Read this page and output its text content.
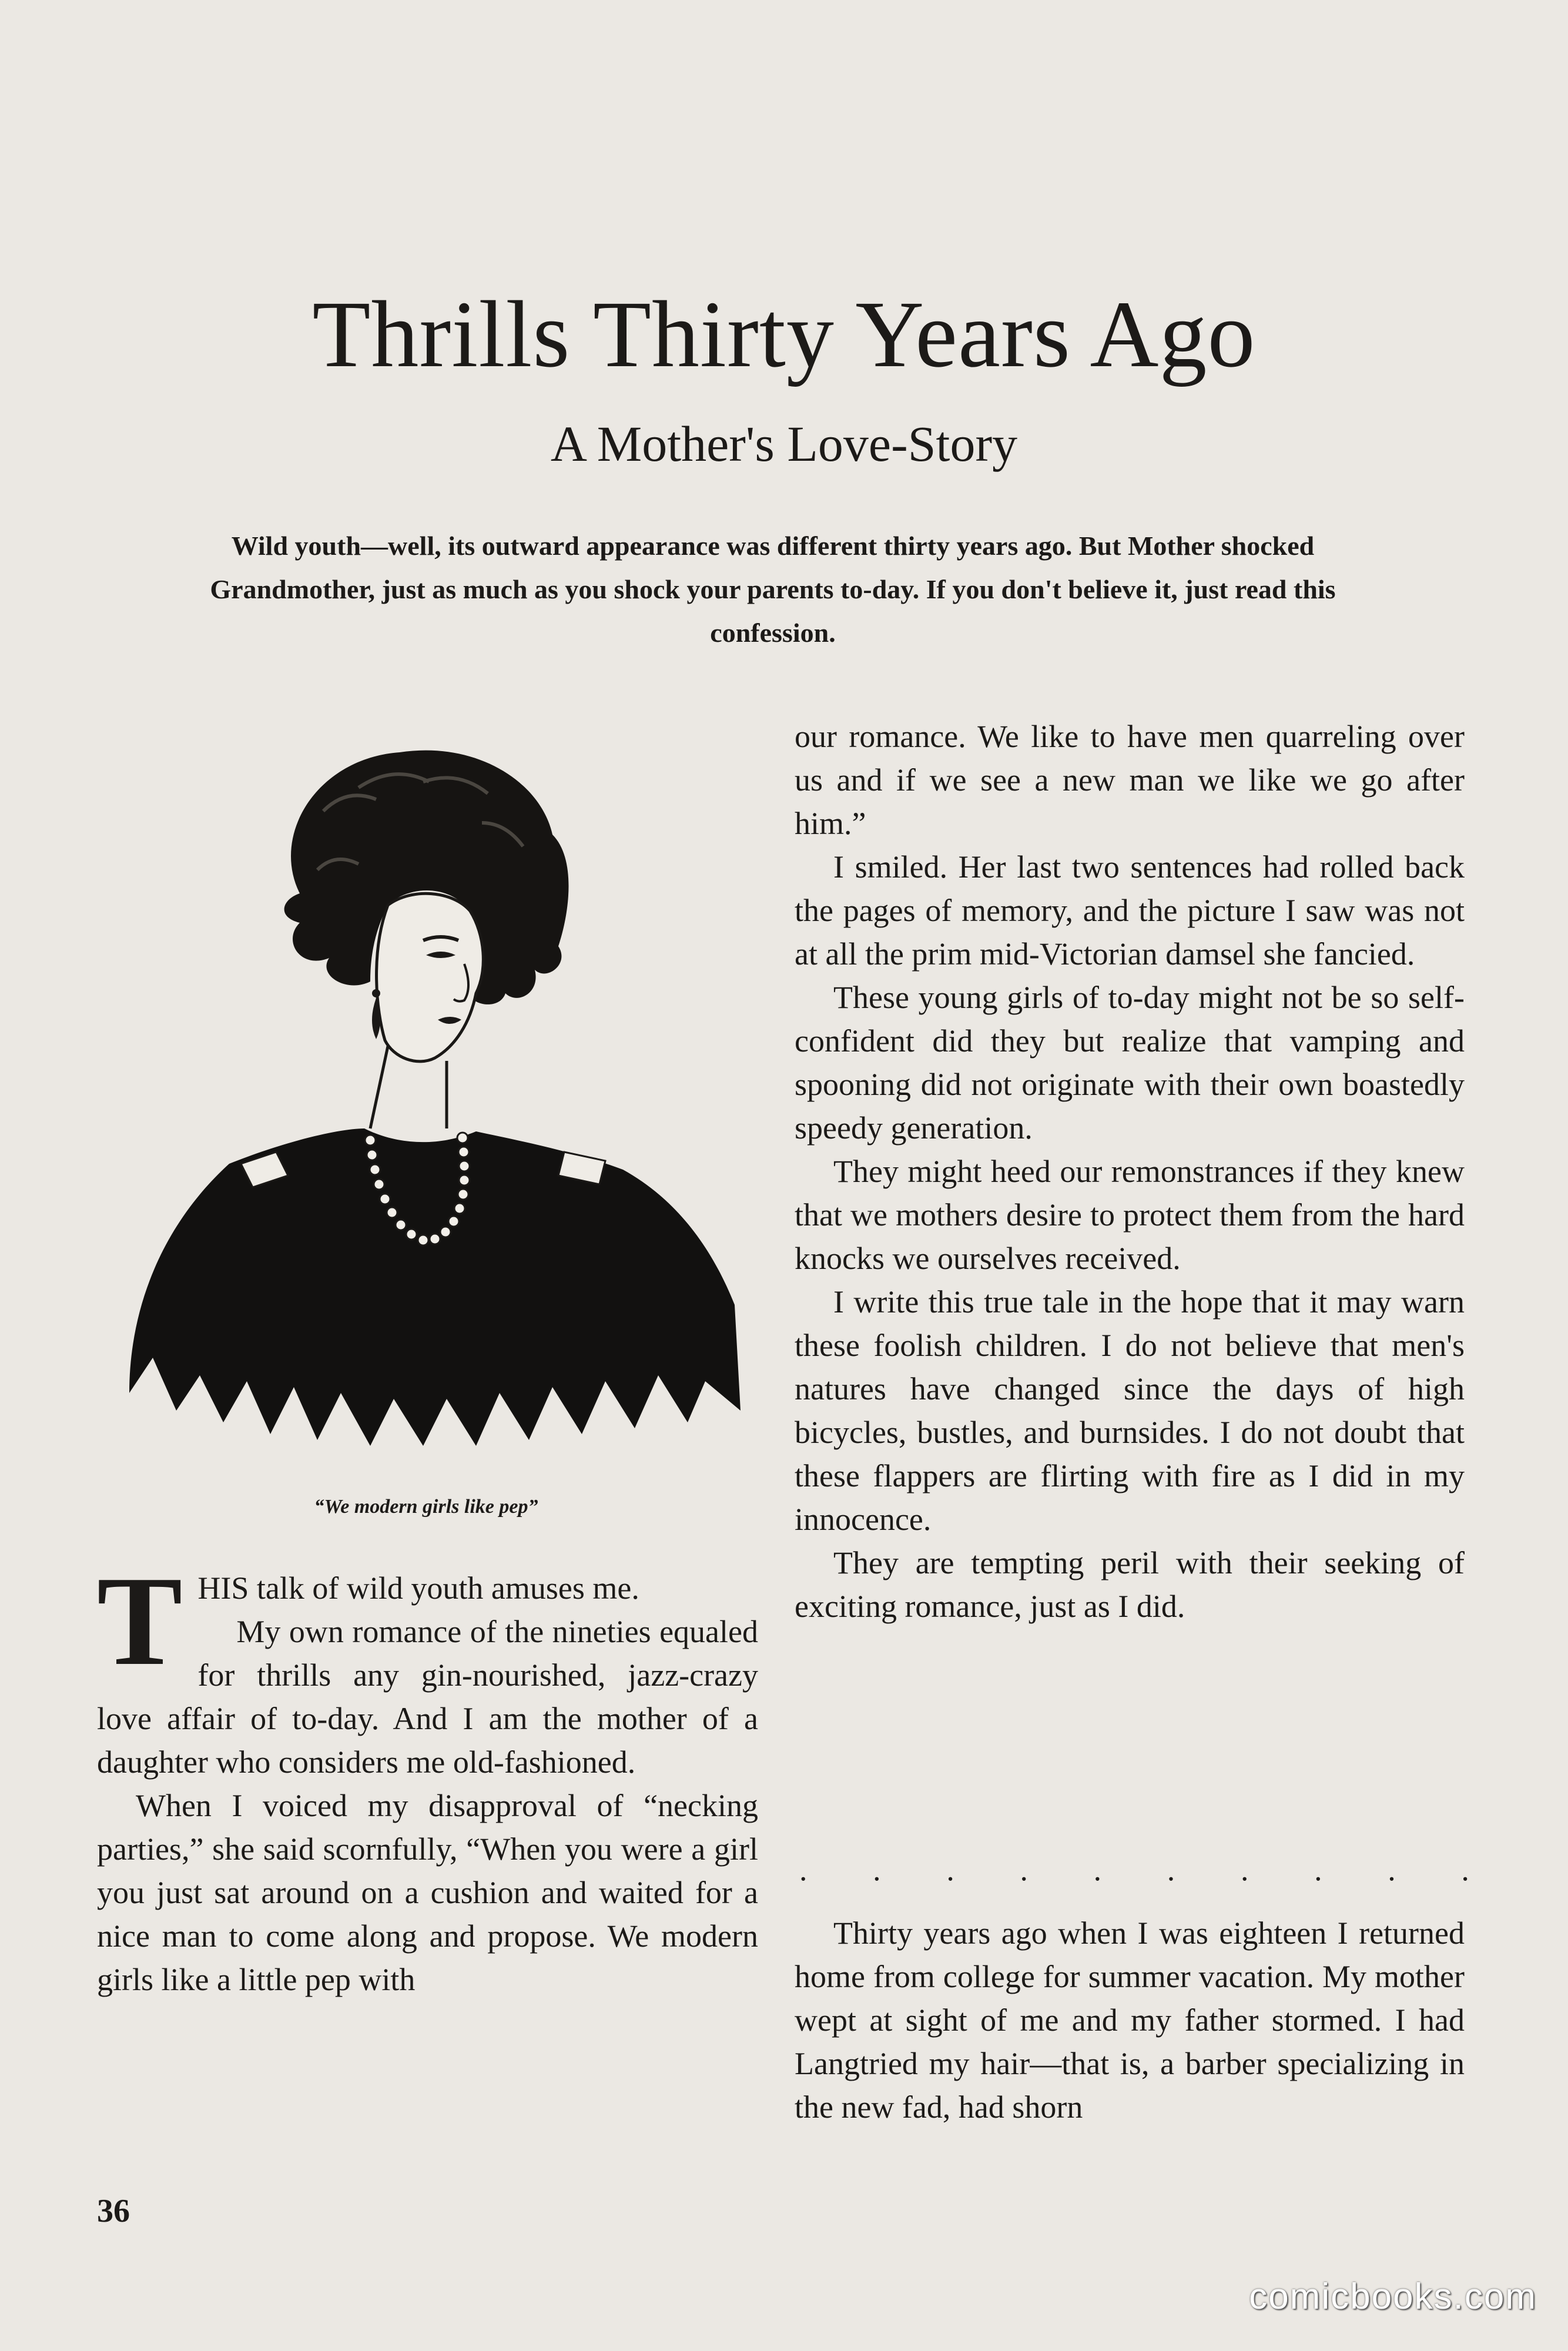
Thrills Thirty Years Ago
A Mother's Love-Story

Wild youth—well, its outward appearance was different thirty years ago. But Mother shocked Grandmother, just as much as you shock your parents to-day. If you don't believe it, just read this confession.

“We modern girls like pep”

THIS talk of wild youth amuses me.

My own romance of the nineties equaled for thrills any gin-nourished, jazz-crazy love affair of to-day. And I am the mother of a daughter who considers me old-fashioned.

When I voiced my disapproval of “necking parties,” she said scornfully, “When you were a girl you just sat around on a cushion and waited for a nice man to come along and propose. We modern girls like a little pep with

our romance. We like to have men quarreling over us and if we see a new man we like we go after him.”

I smiled. Her last two sentences had rolled back the pages of memory, and the picture I saw was not at all the prim mid-Victorian damsel she fancied.

These young girls of to-day might not be so self-confident did they but realize that vamping and spooning did not originate with their own boastedly speedy generation.

They might heed our remonstrances if they knew that we mothers desire to protect them from the hard knocks we ourselves received.

I write this true tale in the hope that it may warn these foolish children. I do not believe that men's natures have changed since the days of high bicycles, bustles, and burnsides. I do not doubt that these flappers are flirting with fire as I did in my innocence.

They are tempting peril with their seeking of exciting romance, just as I did.

. . . . . . . . . .

Thirty years ago when I was eighteen I returned home from college for summer vacation. My mother wept at sight of me and my father stormed. I had Langtried my hair—that is, a barber specializing in the new fad, had shorn

36

comicbooks.com
